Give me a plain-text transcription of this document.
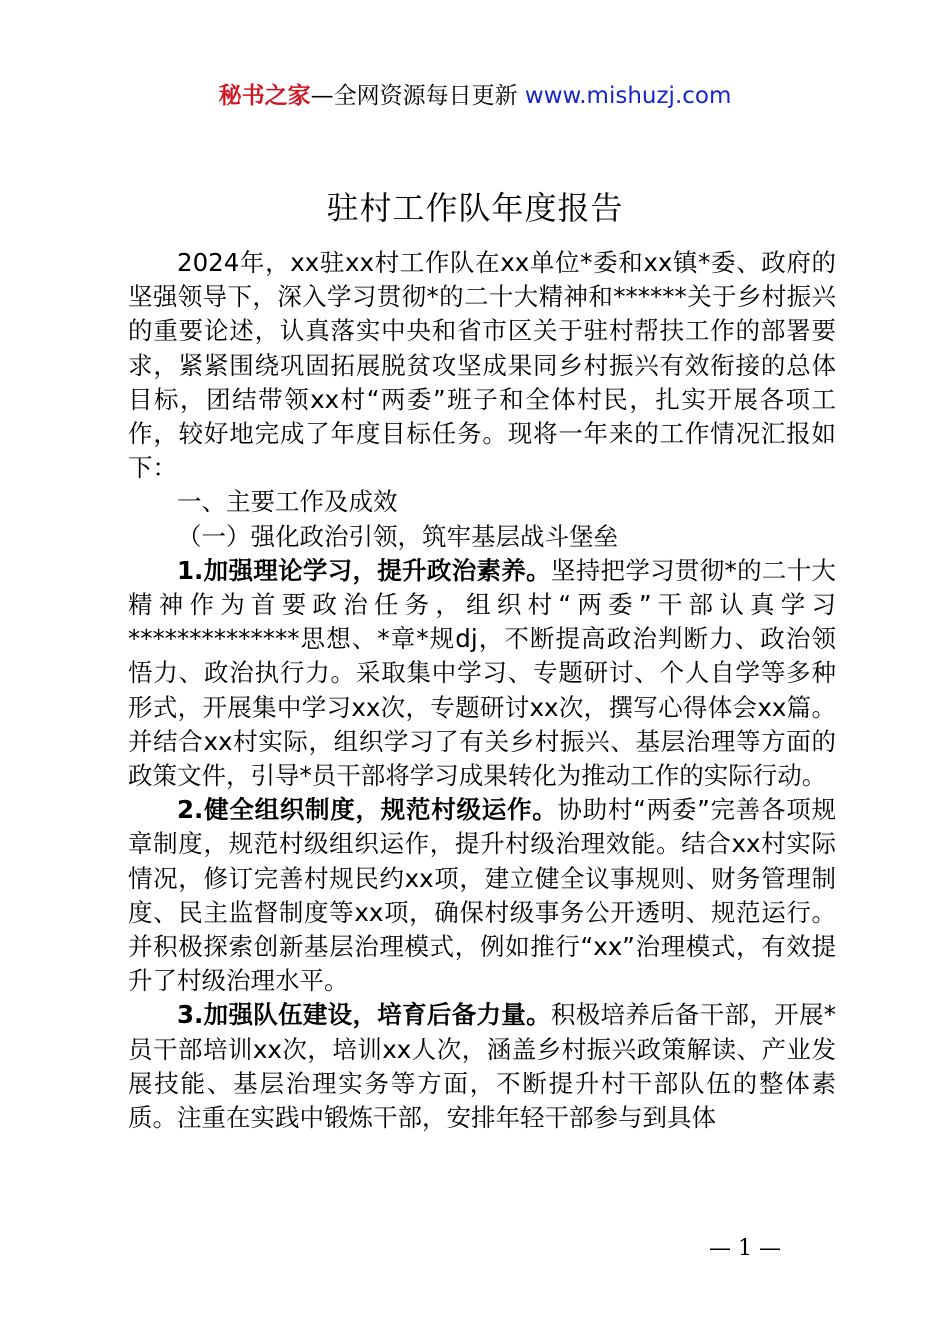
秘书之家—全网资源每日更新 www.mishuzj.com
驻村工作队年度报告

2024年，xx驻xx村工作队在xx单位*委和xx镇*委、政府的坚强领导下，深入学习贯彻*的二十大精神和******关于乡村振兴的重要论述，认真落实中央和省市区关于驻村帮扶工作的部署要求，紧紧围绕巩固拓展脱贫攻坚成果同乡村振兴有效衔接的总体目标，团结带领xx村“两委”班子和全体村民，扎实开展各项工作，较好地完成了年度目标任务。现将一年来的工作情况汇报如下：

一、主要工作及成效

（一）强化政治引领，筑牢基层战斗堡垒

1.加强理论学习，提升政治素养。坚持把学习贯彻*的二十大精神作为首要政治任务，组织村“两委”干部认真学习**************思想、*章*规dj，不断提高政治判断力、政治领悟力、政治执行力。采取集中学习、专题研讨、个人自学等多种形式，开展集中学习xx次，专题研讨xx次，撰写心得体会xx篇。并结合xx村实际，组织学习了有关乡村振兴、基层治理等方面的政策文件，引导*员干部将学习成果转化为推动工作的实际行动。

2.健全组织制度，规范村级运作。协助村“两委”完善各项规章制度，规范村级组织运作，提升村级治理效能。结合xx村实际情况，修订完善村规民约xx项，建立健全议事规则、财务管理制度、民主监督制度等xx项，确保村级事务公开透明、规范运行。并积极探索创新基层治理模式，例如推行“xx”治理模式，有效提升了村级治理水平。

3.加强队伍建设，培育后备力量。积极培养后备干部，开展*员干部培训xx次，培训xx人次，涵盖乡村振兴政策解读、产业发展技能、基层治理实务等方面，不断提升村干部队伍的整体素质。注重在实践中锻炼干部，安排年轻干部参与到具体

— 1 —
